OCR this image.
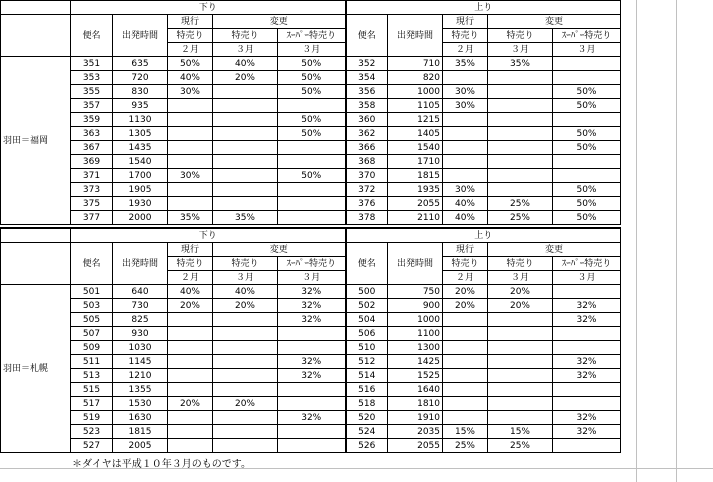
	下り					上り				
	便名	出発時間	現行	変更		便名	出発時間	現行	変更	
			特売り	特売り	ｽｰﾊﾟｰ特売り			特売り	特売り	ｽｰﾊﾟｰ特売り
			２月	３月	３月			２月	３月	３月
羽田＝福岡	351	635	50%	40%	50%	352	710	35%	35%	
	353	720	40%	20%	50%	354	820			
	355	830	30%		50%	356	1000	30%		50%
	357	935				358	1105	30%		50%
	359	1130			50%	360	1215			
	363	1305			50%	362	1405			50%
	367	1435				366	1540			50%
	369	1540				368	1710			
	371	1700	30%		50%	370	1815			
	373	1905				372	1935	30%		50%
	375	1930				376	2055	40%	25%	50%
	377	2000	35%	35%		378	2110	40%	25%	50%
	下り					上り				
	便名	出発時間	現行	変更		便名	出発時間	現行	変更	
			特売り	特売り	ｽｰﾊﾟｰ特売り			特売り	特売り	ｽｰﾊﾟｰ特売り
			２月	３月	３月			２月	３月	３月
羽田＝札幌	501	640	40%	40%	32%	500	750	20%	20%	
	503	730	20%	20%	32%	502	900	20%	20%	32%
	505	825			32%	504	1000			32%
	507	930				506	1100			
	509	1030				510	1300			
	511	1145			32%	512	1425			32%
	513	1210			32%	514	1525			32%
	515	1355				516	1640			
	517	1530	20%	20%		518	1810			
	519	1630			32%	520	1910			32%
	523	1815				524	2035	15%	15%	32%
	527	2005				526	2055	25%	25%	
＊ダイヤは平成１０年３月のものです。
